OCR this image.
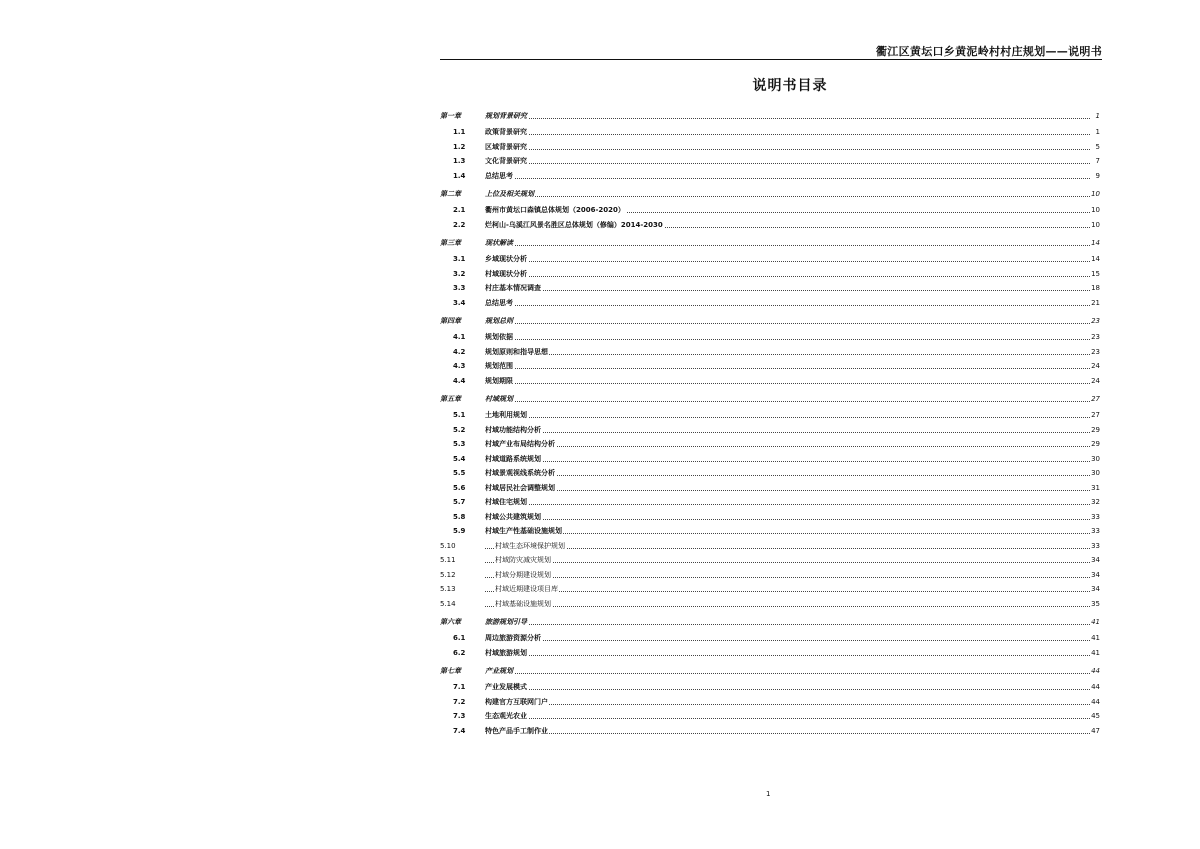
衢江区黄坛口乡黄泥岭村村庄规划——说明书
说明书目录
第一章	规划背景研究	1
1.1	政策背景研究	1
1.2	区域背景研究	5
1.3	文化背景研究	7
1.4	总结思考	9
第二章	上位及相关规划	10
2.1	衢州市黄坛口森镇总体规划（2006-2020）	10
2.2	烂柯山-乌溪江风景名胜区总体规划（修编）2014-2030	10
第三章	现状解读	14
3.1	乡域现状分析	14
3.2	村域现状分析	15
3.3	村庄基本情况调查	18
3.4	总结思考	21
第四章	规划总则	23
4.1	规划依据	23
4.2	规划原则和指导思想	23
4.3	规划范围	24
4.4	规划期限	24
第五章	村域规划	27
5.1	土地利用规划	27
5.2	村域功能结构分析	29
5.3	村域产业布局结构分析	29
5.4	村域道路系统规划	30
5.5	村域景观视线系统分析	30
5.6	村域居民社会调整规划	31
5.7	村域住宅规划	32
5.8	村域公共建筑规划	33
5.9	村域生产性基础设施规划	33
5.10	村域生态环境保护规划	33
5.11	村域防灾减灾规划	34
5.12	村域分期建设规划	34
5.13	村域近期建设项目库	34
5.14	村域基础设施规划	35
第六章	旅游规划引导	41
6.1	周边旅游资源分析	41
6.2	村域旅游规划	41
第七章	产业规划	44
7.1	产业发展模式	44
7.2	构建官方互联网门户	44
7.3	生态观光农业	45
7.4	特色产品手工制作业	47
1
